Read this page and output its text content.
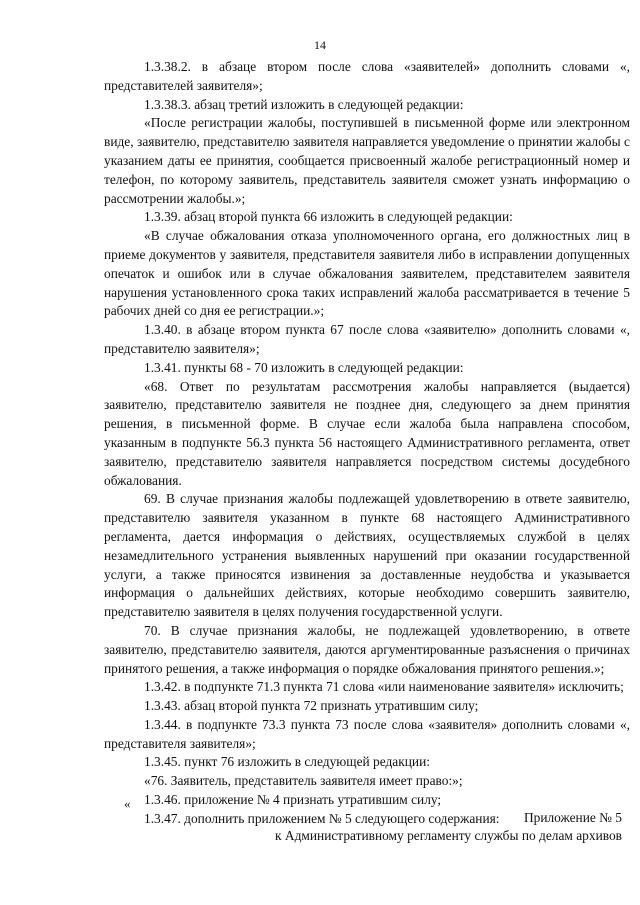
14

1.3.38.2. в абзаце втором после слова «заявителей» дополнить словами «, представителей заявителя»;

1.3.38.3. абзац третий изложить в следующей редакции:

«После регистрации жалобы, поступившей в письменной форме или электронном виде, заявителю, представителю заявителя направляется уведомление о принятии жалобы с указанием даты ее принятия, сообщается присвоенный жалобе регистрационный номер и телефон, по которому заявитель, представитель заявителя сможет узнать информацию о рассмотрении жалобы.»;

1.3.39. абзац второй пункта 66 изложить в следующей редакции:

«В случае обжалования отказа уполномоченного органа, его должностных лиц в приеме документов у заявителя, представителя заявителя либо в исправлении допущенных опечаток и ошибок или в случае обжалования заявителем, представителем заявителя нарушения установленного срока таких исправлений жалоба рассматривается в течение 5 рабочих дней со дня ее регистрации.»;

1.3.40. в абзаце втором пункта 67 после слова «заявителю» дополнить словами «, представителю заявителя»;

1.3.41. пункты 68 - 70 изложить в следующей редакции:

«68. Ответ по результатам рассмотрения жалобы направляется (выдается) заявителю, представителю заявителя не позднее дня, следующего за днем принятия решения, в письменной форме. В случае если жалоба была направлена способом, указанным в подпункте 56.3 пункта 56 настоящего Административного регламента, ответ заявителю, представителю заявителя направляется посредством системы досудебного обжалования.

69. В случае признания жалобы подлежащей удовлетворению в ответе заявителю, представителю заявителя указанном в пункте 68 настоящего Административного регламента, дается информация о действиях, осуществляемых службой в целях незамедлительного устранения выявленных нарушений при оказании государственной услуги, а также приносятся извинения за доставленные неудобства и указывается информация о дальнейших действиях, которые необходимо совершить заявителю, представителю заявителя в целях получения государственной услуги.

70. В случае признания жалобы, не подлежащей удовлетворению, в ответе заявителю, представителю заявителя, даются аргументированные разъяснения о причинах принятого решения, а также информация о порядке обжалования принятого решения.»;

1.3.42. в подпункте 71.3 пункта 71 слова «или наименование заявителя» исключить;

1.3.43. абзац второй пункта 72 признать утратившим силу;

1.3.44. в подпункте 73.3 пункта 73 после слова «заявителя» дополнить словами «, представителя заявителя»;

1.3.45. пункт 76 изложить в следующей редакции:

«76. Заявитель, представитель заявителя имеет право:»;

1.3.46. приложение № 4 признать утратившим силу;

1.3.47. дополнить приложением № 5 следующего содержания:

«
Приложение № 5
к Административному регламенту службы по делам архивов
